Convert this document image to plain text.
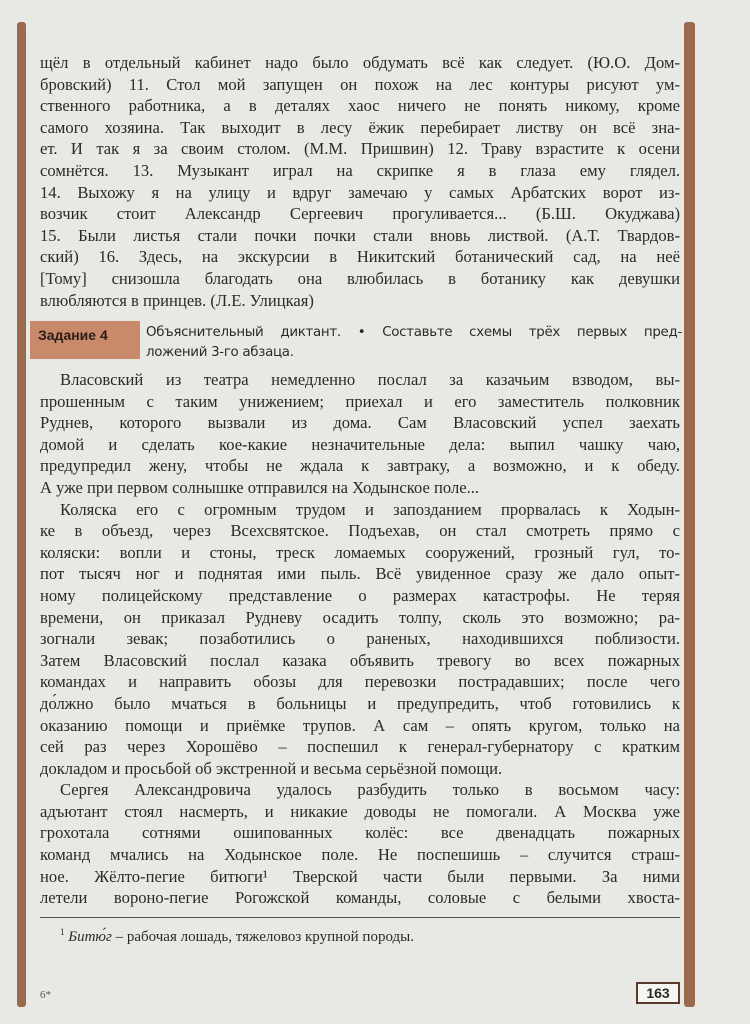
щёл в отдельный кабинет надо было обдумать всё как следует. (Ю.О. Дом-
бровский) 11. Стол мой запущен он похож на лес контуры рисуют ум-
ственного работника, а в деталях хаос ничего не понять никому, кроме
самого хозяина. Так выходит в лесу ёжик перебирает листву он всё зна-
ет. И так я за своим столом. (М.М. Пришвин) 12. Траву взрастите к осени
сомнётся. 13. Музыкант играл на скрипке я в глаза ему глядел.
14. Выхожу я на улицу и вдруг замечаю у самых Арбатских ворот из-
возчик стоит Александр Сергеевич прогуливается... (Б.Ш. Окуджава)
15. Были листья стали почки почки стали вновь листвой. (А.Т. Твардов-
ский) 16. Здесь, на экскурсии в Никитский ботанический сад, на неё
[Тому] снизошла благодать она влюбилась в ботанику как девушки
влюбляются в принцев. (Л.Е. Улицкая)
Задание 4	Объяснительный диктант. • Составьте схемы трёх первых пред-
ложений 3-го абзаца.
Власовский из театра немедленно послал за казачьим взводом, вы-
прошенным с таким унижением; приехал и его заместитель полковник
Руднев, которого вызвали из дома. Сам Власовский успел заехать
домой и сделать кое-какие незначительные дела: выпил чашку чаю,
предупредил жену, чтобы не ждала к завтраку, а возможно, и к обеду.
А уже при первом солнышке отправился на Ходынское поле...
Коляска его с огромным трудом и запозданием прорвалась к Ходын-
ке в объезд, через Всехсвятское. Подъехав, он стал смотреть прямо с
коляски: вопли и стоны, треск ломаемых сооружений, грозный гул, то-
пот тысяч ног и поднятая ими пыль. Всё увиденное сразу же дало опыт-
ному полицейскому представление о размерах катастрофы. Не теряя
времени, он приказал Рудневу осадить толпу, сколь это возможно; ра-
зогнали зевак; позаботились о раненых, находившихся поблизости.
Затем Власовский послал казака объявить тревогу во всех пожарных
командах и направить обозы для перевозки пострадавших; после чего
до́лжно было мчаться в больницы и предупредить, чтоб готовились к
оказанию помощи и приёмке трупов. А сам – опять кругом, только на
сей раз через Хорошёво – поспешил к генерал-губернатору с кратким
докладом и просьбой об экстренной и весьма серьёзной помощи.
Сергея Александровича удалось разбудить только в восьмом часу:
адъютант стоял насмерть, и никакие доводы не помогали. А Москва уже
грохотала сотнями ошипованных колёс: все двенадцать пожарных
команд мчались на Ходынское поле. Не поспешишь – случится страш-
ное. Жёлто-пегие битюги¹ Тверской части были первыми. За ними
летели вороно-пегие Рогожской команды, соловые с белыми хвоста-
$^1$ Битю́г – рабочая лошадь, тяжеловоз крупной породы.
6*	163
